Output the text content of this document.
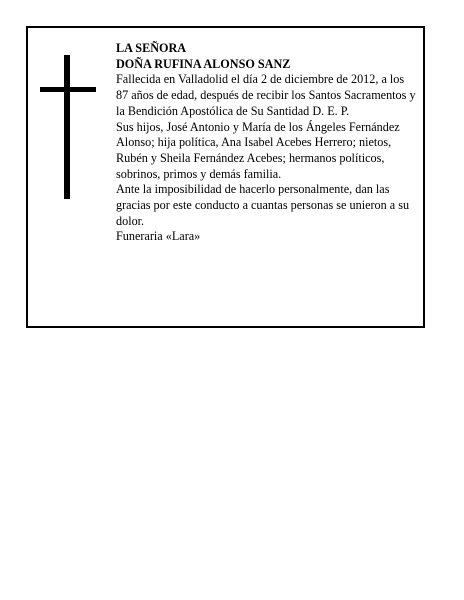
LA SEÑORA

DOÑA RUFINA ALONSO SANZ

Fallecida en Valladolid el día 2 de diciembre de 2012, a los 87 años de edad, después de recibir los Santos Sacramentos y la Bendición Apostólica de Su Santidad D. E. P.

Sus hijos, José Antonio y María de los Ángeles Fernández Alonso; hija política, Ana Isabel Acebes Herrero; nietos, Rubén y Sheila Fernández Acebes; hermanos políticos, sobrinos, primos y demás familia.

Ante la imposibilidad de hacerlo personalmente, dan las gracias por este conducto a cuantas personas se unieron a su dolor.

Funeraria «Lara»
